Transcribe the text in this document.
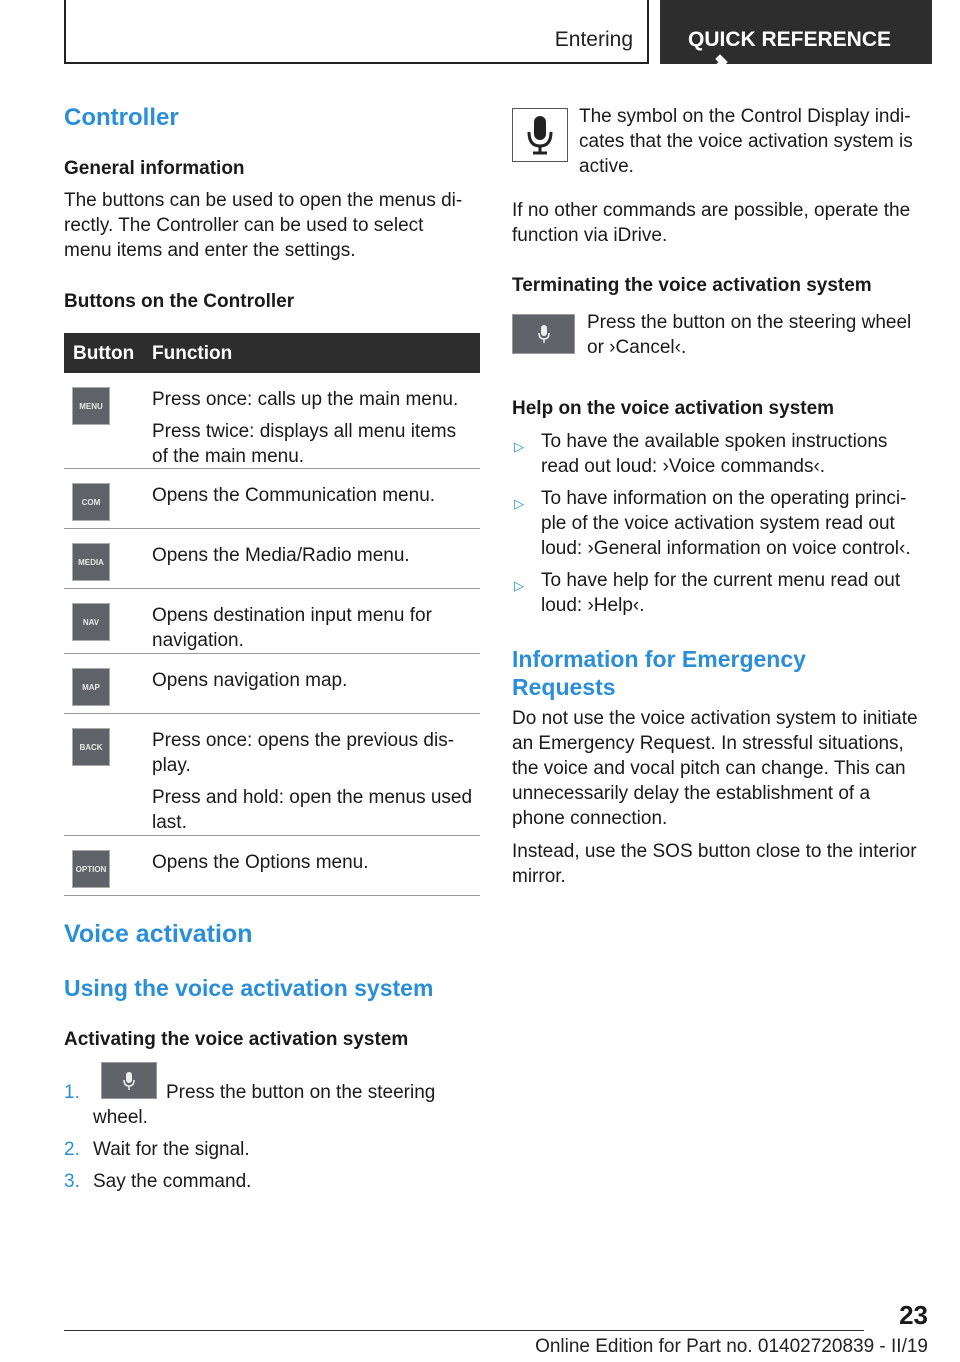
Entering	QUICK REFERENCE
Controller
General information
The buttons can be used to open the menus di‐
rectly. The Controller can be used to select
menu items and enter the settings.
Buttons on the Controller
Button Function
MENU	Press once: calls up the main menu.
Press twice: displays all menu items of the main menu.
COM	Opens the Communication menu.
MEDIA	Opens the Media/Radio menu.
NAV	Opens destination input menu for navigation.
MAP	Opens navigation map.
BACK	Press once: opens the previous dis‐ play.
Press and hold: open the menus used last.
OPTION Opens the Options menu.
Voice activation
Using the voice activation system
Activating the voice activation system
1.	Press the button on the steering
wheel.
2. Wait for the signal.
3. Say the command.
The symbol on the Control Display indi‐
cates that the voice activation system is
active.
If no other commands are possible, operate the
function via iDrive.
Terminating the voice activation system
Press the button on the steering wheel
or ›Cancel‹.
Help on the voice activation system
▷ To have the available spoken instructions
read out loud: ›Voice commands‹.
▷ To have information on the operating princi‐
ple of the voice activation system read out
loud: ›General information on voice control‹.
▷ To have help for the current menu read out
loud: ›Help‹.
Information for Emergency
Requests
Do not use the voice activation system to initiate
an Emergency Request. In stressful situations,
the voice and vocal pitch can change. This can
unnecessarily delay the establishment of a
phone connection.
Instead, use the SOS button close to the interior
mirror.
23
Online Edition for Part no. 01402720839 - II/19
